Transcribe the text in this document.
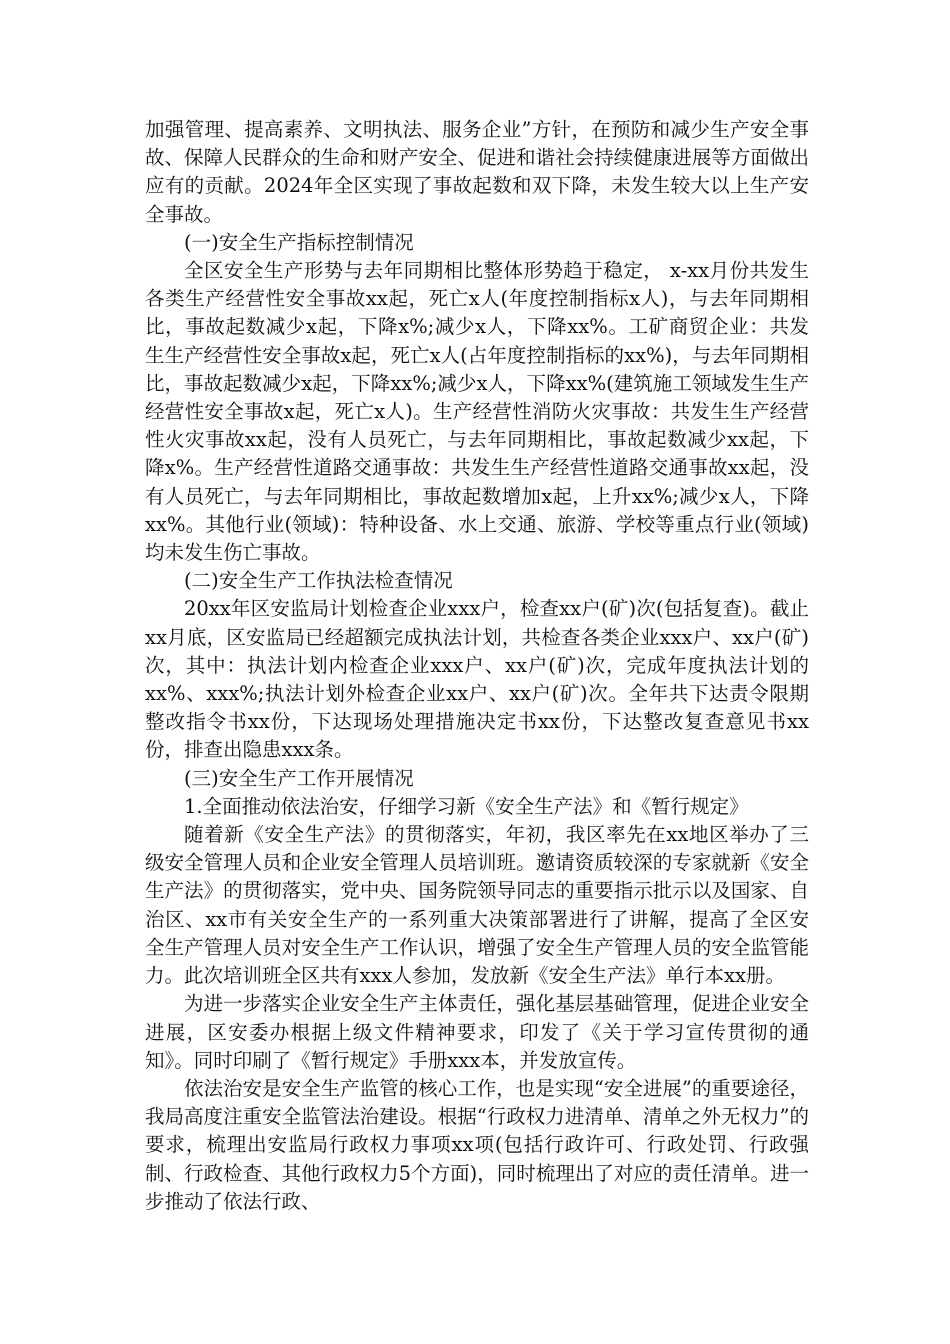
加强管理、提高素养、文明执法、服务企业”方针，在预防和减少生产安全事故、保障人民群众的生命和财产安全、促进和谐社会持续健康进展等方面做出应有的贡献。2024年全区实现了事故起数和双下降，未发生较大以上生产安全事故。

(一)安全生产指标控制情况

全区安全生产形势与去年同期相比整体形势趋于稳定， x-xx月份共发生各类生产经营性安全事故xx起，死亡x人(年度控制指标x人)，与去年同期相比，事故起数减少x起，下降x%;减少x人，下降xx%。工矿商贸企业：共发生生产经营性安全事故x起，死亡x人(占年度控制指标的xx%)，与去年同期相比，事故起数减少x起，下降xx%;减少x人，下降xx%(建筑施工领域发生生产经营性安全事故x起，死亡x人)。生产经营性消防火灾事故：共发生生产经营性火灾事故xx起，没有人员死亡，与去年同期相比，事故起数减少xx起，下降x%。生产经营性道路交通事故：共发生生产经营性道路交通事故xx起，没有人员死亡，与去年同期相比，事故起数增加x起，上升xx%;减少x人，下降xx%。其他行业(领域)：特种设备、水上交通、旅游、学校等重点行业(领域)均未发生伤亡事故。

(二)安全生产工作执法检查情况

20xx年区安监局计划检查企业xxx户，检查xx户(矿)次(包括复查)。截止xx月底，区安监局已经超额完成执法计划，共检查各类企业xxx户、xx户(矿)次，其中：执法计划内检查企业xxx户、xx户(矿)次，完成年度执法计划的xx%、xxx%;执法计划外检查企业xx户、xx户(矿)次。全年共下达责令限期整改指令书xx份，下达现场处理措施决定书xx份，下达整改复查意见书xx份，排查出隐患xxx条。

(三)安全生产工作开展情况

1.全面推动依法治安，仔细学习新《安全生产法》和《暂行规定》

随着新《安全生产法》的贯彻落实，年初，我区率先在xx地区举办了三级安全管理人员和企业安全管理人员培训班。邀请资质较深的专家就新《安全生产法》的贯彻落实，党中央、国务院领导同志的重要指示批示以及国家、自治区、xx市有关安全生产的一系列重大决策部署进行了讲解，提高了全区安全生产管理人员对安全生产工作认识，增强了安全生产管理人员的安全监管能力。此次培训班全区共有xxx人参加，发放新《安全生产法》单行本xx册。

为进一步落实企业安全生产主体责任，强化基层基础管理，促进企业安全进展，区安委办根据上级文件精神要求，印发了《关于学习宣传贯彻的通知》。同时印刷了《暂行规定》手册xxx本，并发放宣传。

依法治安是安全生产监管的核心工作，也是实现“安全进展”的重要途径，我局高度注重安全监管法治建设。根据“行政权力进清单、清单之外无权力”的要求，梳理出安监局行政权力事项xx项(包括行政许可、行政处罚、行政强制、行政检查、其他行政权力5个方面)，同时梳理出了对应的责任清单。进一步推动了依法行政、
